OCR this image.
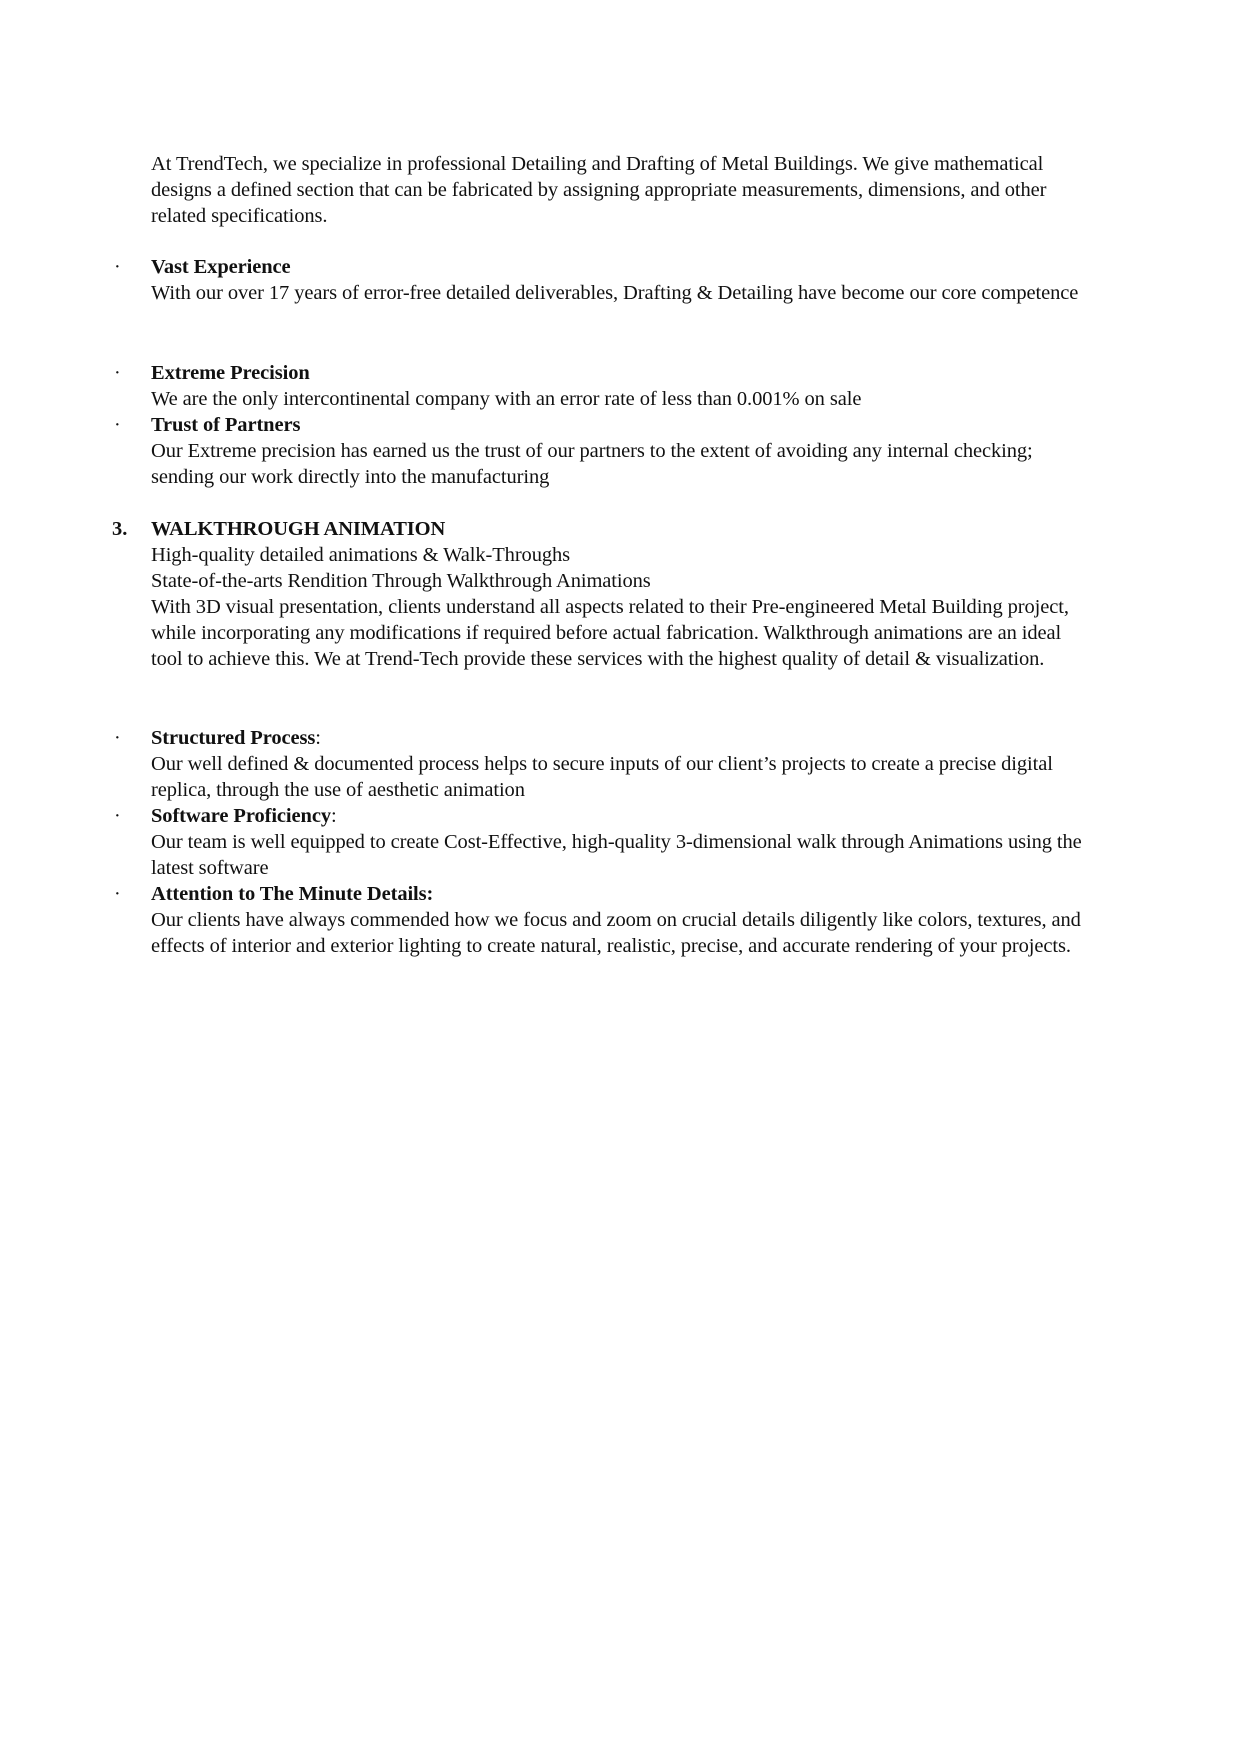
At TrendTech, we specialize in professional Detailing and Drafting of Metal Buildings. We give mathematical designs a defined section that can be fabricated by assigning appropriate measurements, dimensions, and other related specifications.

· Vast Experience

With our over 17 years of error-free detailed deliverables, Drafting & Detailing have become our core competence

· Extreme Precision

We are the only intercontinental company with an error rate of less than 0.001% on sale

· Trust of Partners

Our Extreme precision has earned us the trust of our partners to the extent of avoiding any internal checking; sending our work directly into the manufacturing

3. WALKTHROUGH ANIMATION

High-quality detailed animations & Walk-Throughs

State-of-the-arts Rendition Through Walkthrough Animations

With 3D visual presentation, clients understand all aspects related to their Pre-engineered Metal Building project, while incorporating any modifications if required before actual fabrication. Walkthrough animations are an ideal tool to achieve this. We at Trend-Tech provide these services with the highest quality of detail & visualization.

· Structured Process:

Our well defined & documented process helps to secure inputs of our client’s projects to create a precise digital replica, through the use of aesthetic animation

· Software Proficiency:

Our team is well equipped to create Cost-Effective, high-quality 3-dimensional walk through Animations using the latest software

· Attention to The Minute Details:

Our clients have always commended how we focus and zoom on crucial details diligently like colors, textures, and effects of interior and exterior lighting to create natural, realistic, precise, and accurate rendering of your projects.
